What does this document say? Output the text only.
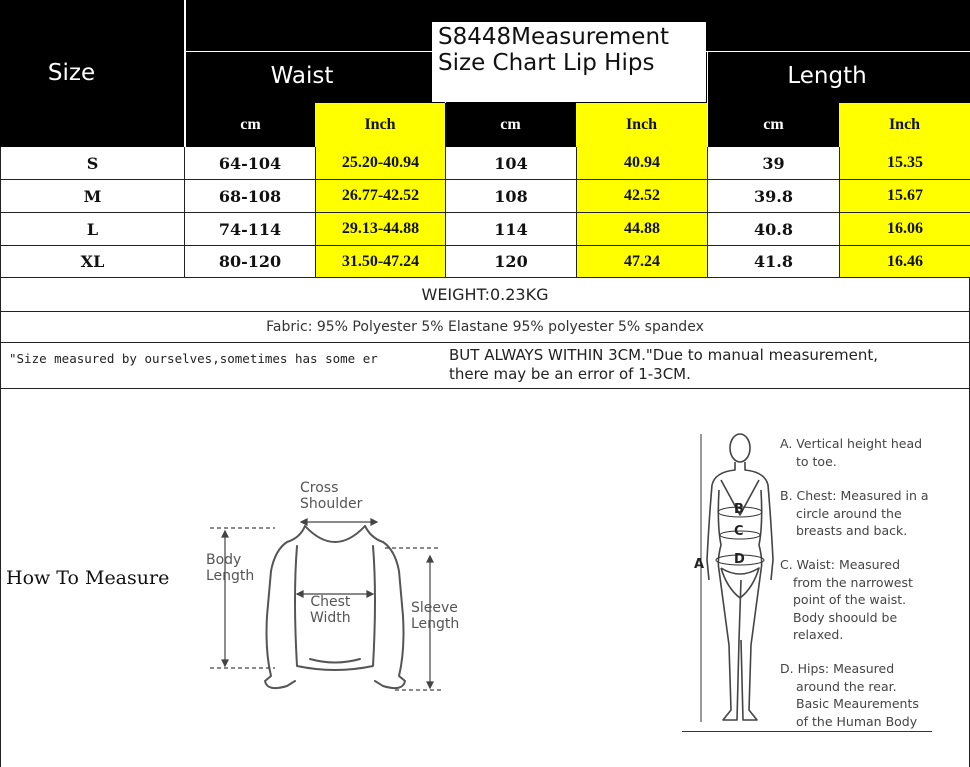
Size	Waist	Length
S8448Measurement
Size Chart Lip Hips
cm	Inch	cm	Inch	cm	Inch
S	64-104	25.20-40.94	104	40.94	39	15.35
M	68-108	26.77-42.52	108	42.52	39.8	15.67
L	74-114	29.13-44.88	114	44.88	40.8	16.06
XL	80-120	31.50-47.24	120	47.24	41.8	16.46
WEIGHT:0.23KG
Fabric: 95% Polyester 5% Elastane 95% polyester 5% spandex
"Size measured by ourselves,sometimes has some er	BUT ALWAYS WITHIN 3CM."Due to manual measurement,
there may be an error of 1-3CM.
How To Measure
Cross
Shoulder
Body
Length
Chest
Width
Sleeve
Length
A
B
C
D
A. Vertical height head
to toe.
B. Chest: Measured in a
circle around the
breasts and back.
C. Waist: Measured
from the narrowest
point of the waist.
Body shoould be
relaxed.
D. Hips: Measured
around the rear.
Basic Meaurements
of the Human Body
